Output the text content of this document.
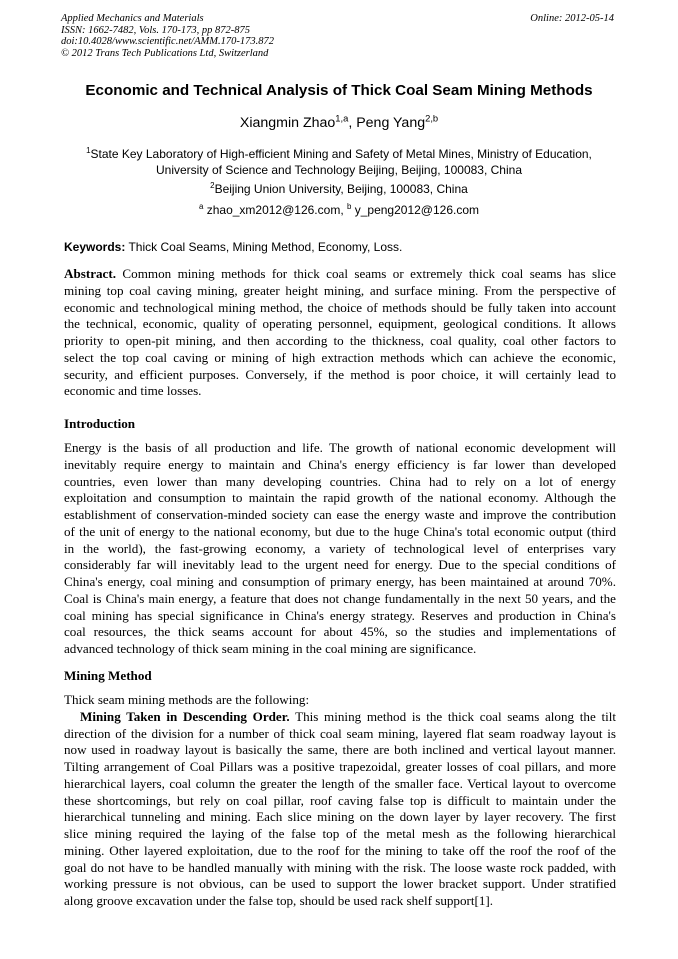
Applied Mechanics and Materials
ISSN: 1662-7482, Vols. 170-173, pp 872-875
doi:10.4028/www.scientific.net/AMM.170-173.872
© 2012 Trans Tech Publications Ltd, Switzerland
Online: 2012-05-14
Economic and Technical Analysis of Thick Coal Seam Mining Methods
Xiangmin Zhao$^{1,a}$, Peng Yang$^{2,b}$
$^1$State Key Laboratory of High-efficient Mining and Safety of Metal Mines, Ministry of Education,
University of Science and Technology Beijing, Beijing, 100083, China
$^2$Beijing Union University, Beijing, 100083, China
$^a$ zhao_xm2012@126.com, $^b$ y_peng2012@126.com
Keywords: Thick Coal Seams, Mining Method, Economy, Loss.
Abstract. Common mining methods for thick coal seams or extremely thick coal seams has slice
mining top coal caving mining, greater height mining, and surface mining. From the perspective of
economic and technological mining method, the choice of methods should be fully taken into account
the technical, economic, quality of operating personnel, equipment, geological conditions. It allows
priority to open-pit mining, and then according to the thickness, coal quality, coal other factors to
select the top coal caving or mining of high extraction methods which can achieve the economic,
security, and efficient purposes. Conversely, if the method is poor choice, it will certainly lead to
economic and time losses.
Introduction
Energy is the basis of all production and life. The growth of national economic development will
inevitably require energy to maintain and China's energy efficiency is far lower than developed
countries, even lower than many developing countries. China had to rely on a lot of energy
exploitation and consumption to maintain the rapid growth of the national economy. Although the
establishment of conservation-minded society can ease the energy waste and improve the contribution
of the unit of energy to the national economy, but due to the huge China's total economic output (third
in the world), the fast-growing economy, a variety of technological level of enterprises vary
considerably far will inevitably lead to the urgent need for energy. Due to the special conditions of
China's energy, coal mining and consumption of primary energy, has been maintained at around 70%.
Coal is China's main energy, a feature that does not change fundamentally in the next 50 years, and the
coal mining has special significance in China's energy strategy. Reserves and production in China's
coal resources, the thick seams account for about 45%, so the studies and implementations of
advanced technology of thick seam mining in the coal mining are significance.
Mining Method
Thick seam mining methods are the following:
Mining Taken in Descending Order. This mining method is the thick coal seams along the tilt
direction of the division for a number of thick coal seam mining, layered flat seam roadway layout is
now used in roadway layout is basically the same, there are both inclined and vertical layout manner.
Tilting arrangement of Coal Pillars was a positive trapezoidal, greater losses of coal pillars, and more
hierarchical layers, coal column the greater the length of the smaller face. Vertical layout to overcome
these shortcomings, but rely on coal pillar, roof caving false top is difficult to maintain under the
hierarchical tunneling and mining. Each slice mining on the down layer by layer recovery. The first
slice mining required the laying of the false top of the metal mesh as the following hierarchical
mining. Other layered exploitation, due to the roof for the mining to take off the roof the roof of the
goal do not have to be handled manually with mining with the risk. The loose waste rock padded, with
working pressure is not obvious, can be used to support the lower bracket support. Under stratified
along groove excavation under the false top, should be used rack shelf support[1].
